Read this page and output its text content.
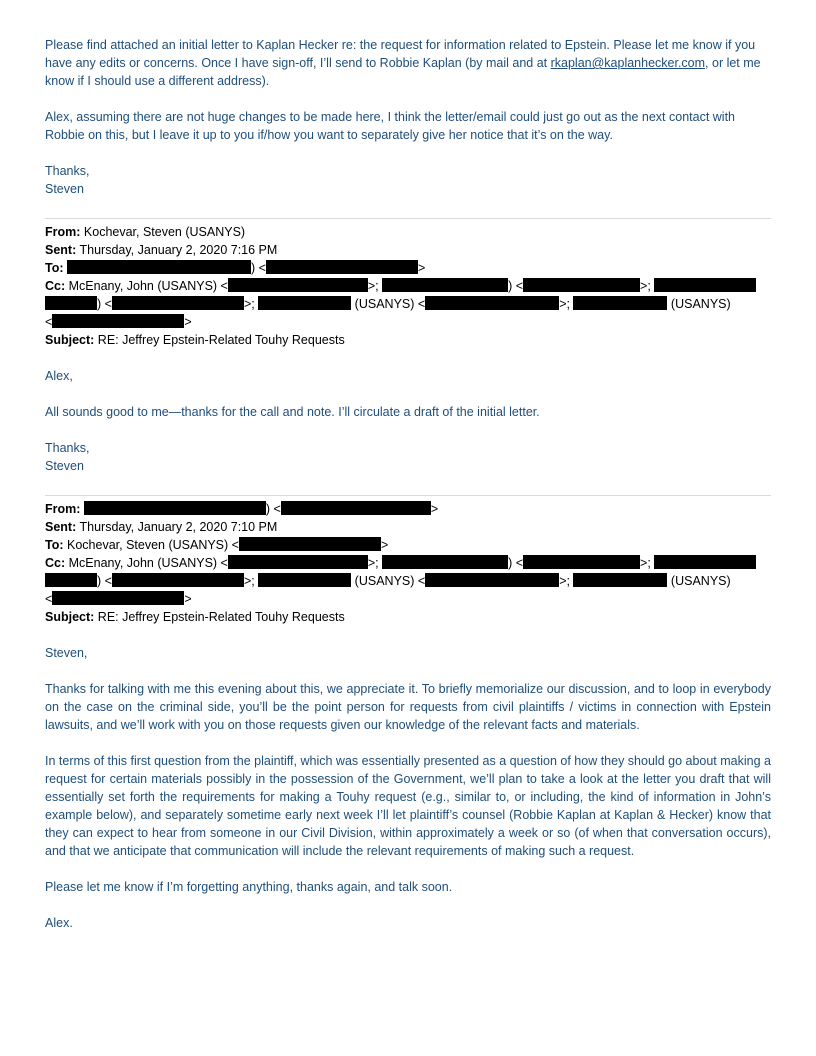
Please find attached an initial letter to Kaplan Hecker re: the request for information related to Epstein. Please let me know if you have any edits or concerns. Once I have sign-off, I’ll send to Robbie Kaplan (by mail and at rkaplan@kaplanhecker.com, or let me know if I should use a different address).

Alex, assuming there are not huge changes to be made here, I think the letter/email could just go out as the next contact with Robbie on this, but I leave it up to you if/how you want to separately give her notice that it’s on the way.

Thanks,

Steven

From: Kochevar, Steven (USANYS)

Sent: Thursday, January 2, 2020 7:16 PM

To:	) <	>

Cc: McEnany, John (USANYS) <	>;	) <	>;

) <	>;	(USANYS) <	>;	(USANYS)

<	>

Subject: RE: Jeffrey Epstein-Related Touhy Requests

Alex,

All sounds good to me—thanks for the call and note. I’ll circulate a draft of the initial letter.

Thanks,

Steven

From:	) <	>

Sent: Thursday, January 2, 2020 7:10 PM

To: Kochevar, Steven (USANYS) <	>

Cc: McEnany, John (USANYS) <	>;	) <	>;

) <	>;	(USANYS) <	>;	(USANYS)

<	>

Subject: RE: Jeffrey Epstein-Related Touhy Requests

Steven,

Thanks for talking with me this evening about this, we appreciate it. To briefly memorialize our discussion, and to loop in everybody on the case on the criminal side, you’ll be the point person for requests from civil plaintiffs / victims in connection with Epstein lawsuits, and we’ll work with you on those requests given our knowledge of the relevant facts and materials.

In terms of this first question from the plaintiff, which was essentially presented as a question of how they should go about making a request for certain materials possibly in the possession of the Government, we’ll plan to take a look at the letter you draft that will essentially set forth the requirements for making a Touhy request (e.g., similar to, or including, the kind of information in John’s example below), and separately sometime early next week I’ll let plaintiff’s counsel (Robbie Kaplan at Kaplan & Hecker) know that they can expect to hear from someone in our Civil Division, within approximately a week or so (of when that conversation occurs), and that we anticipate that communication will include the relevant requirements of making such a request.

Please let me know if I’m forgetting anything, thanks again, and talk soon.

Alex.
